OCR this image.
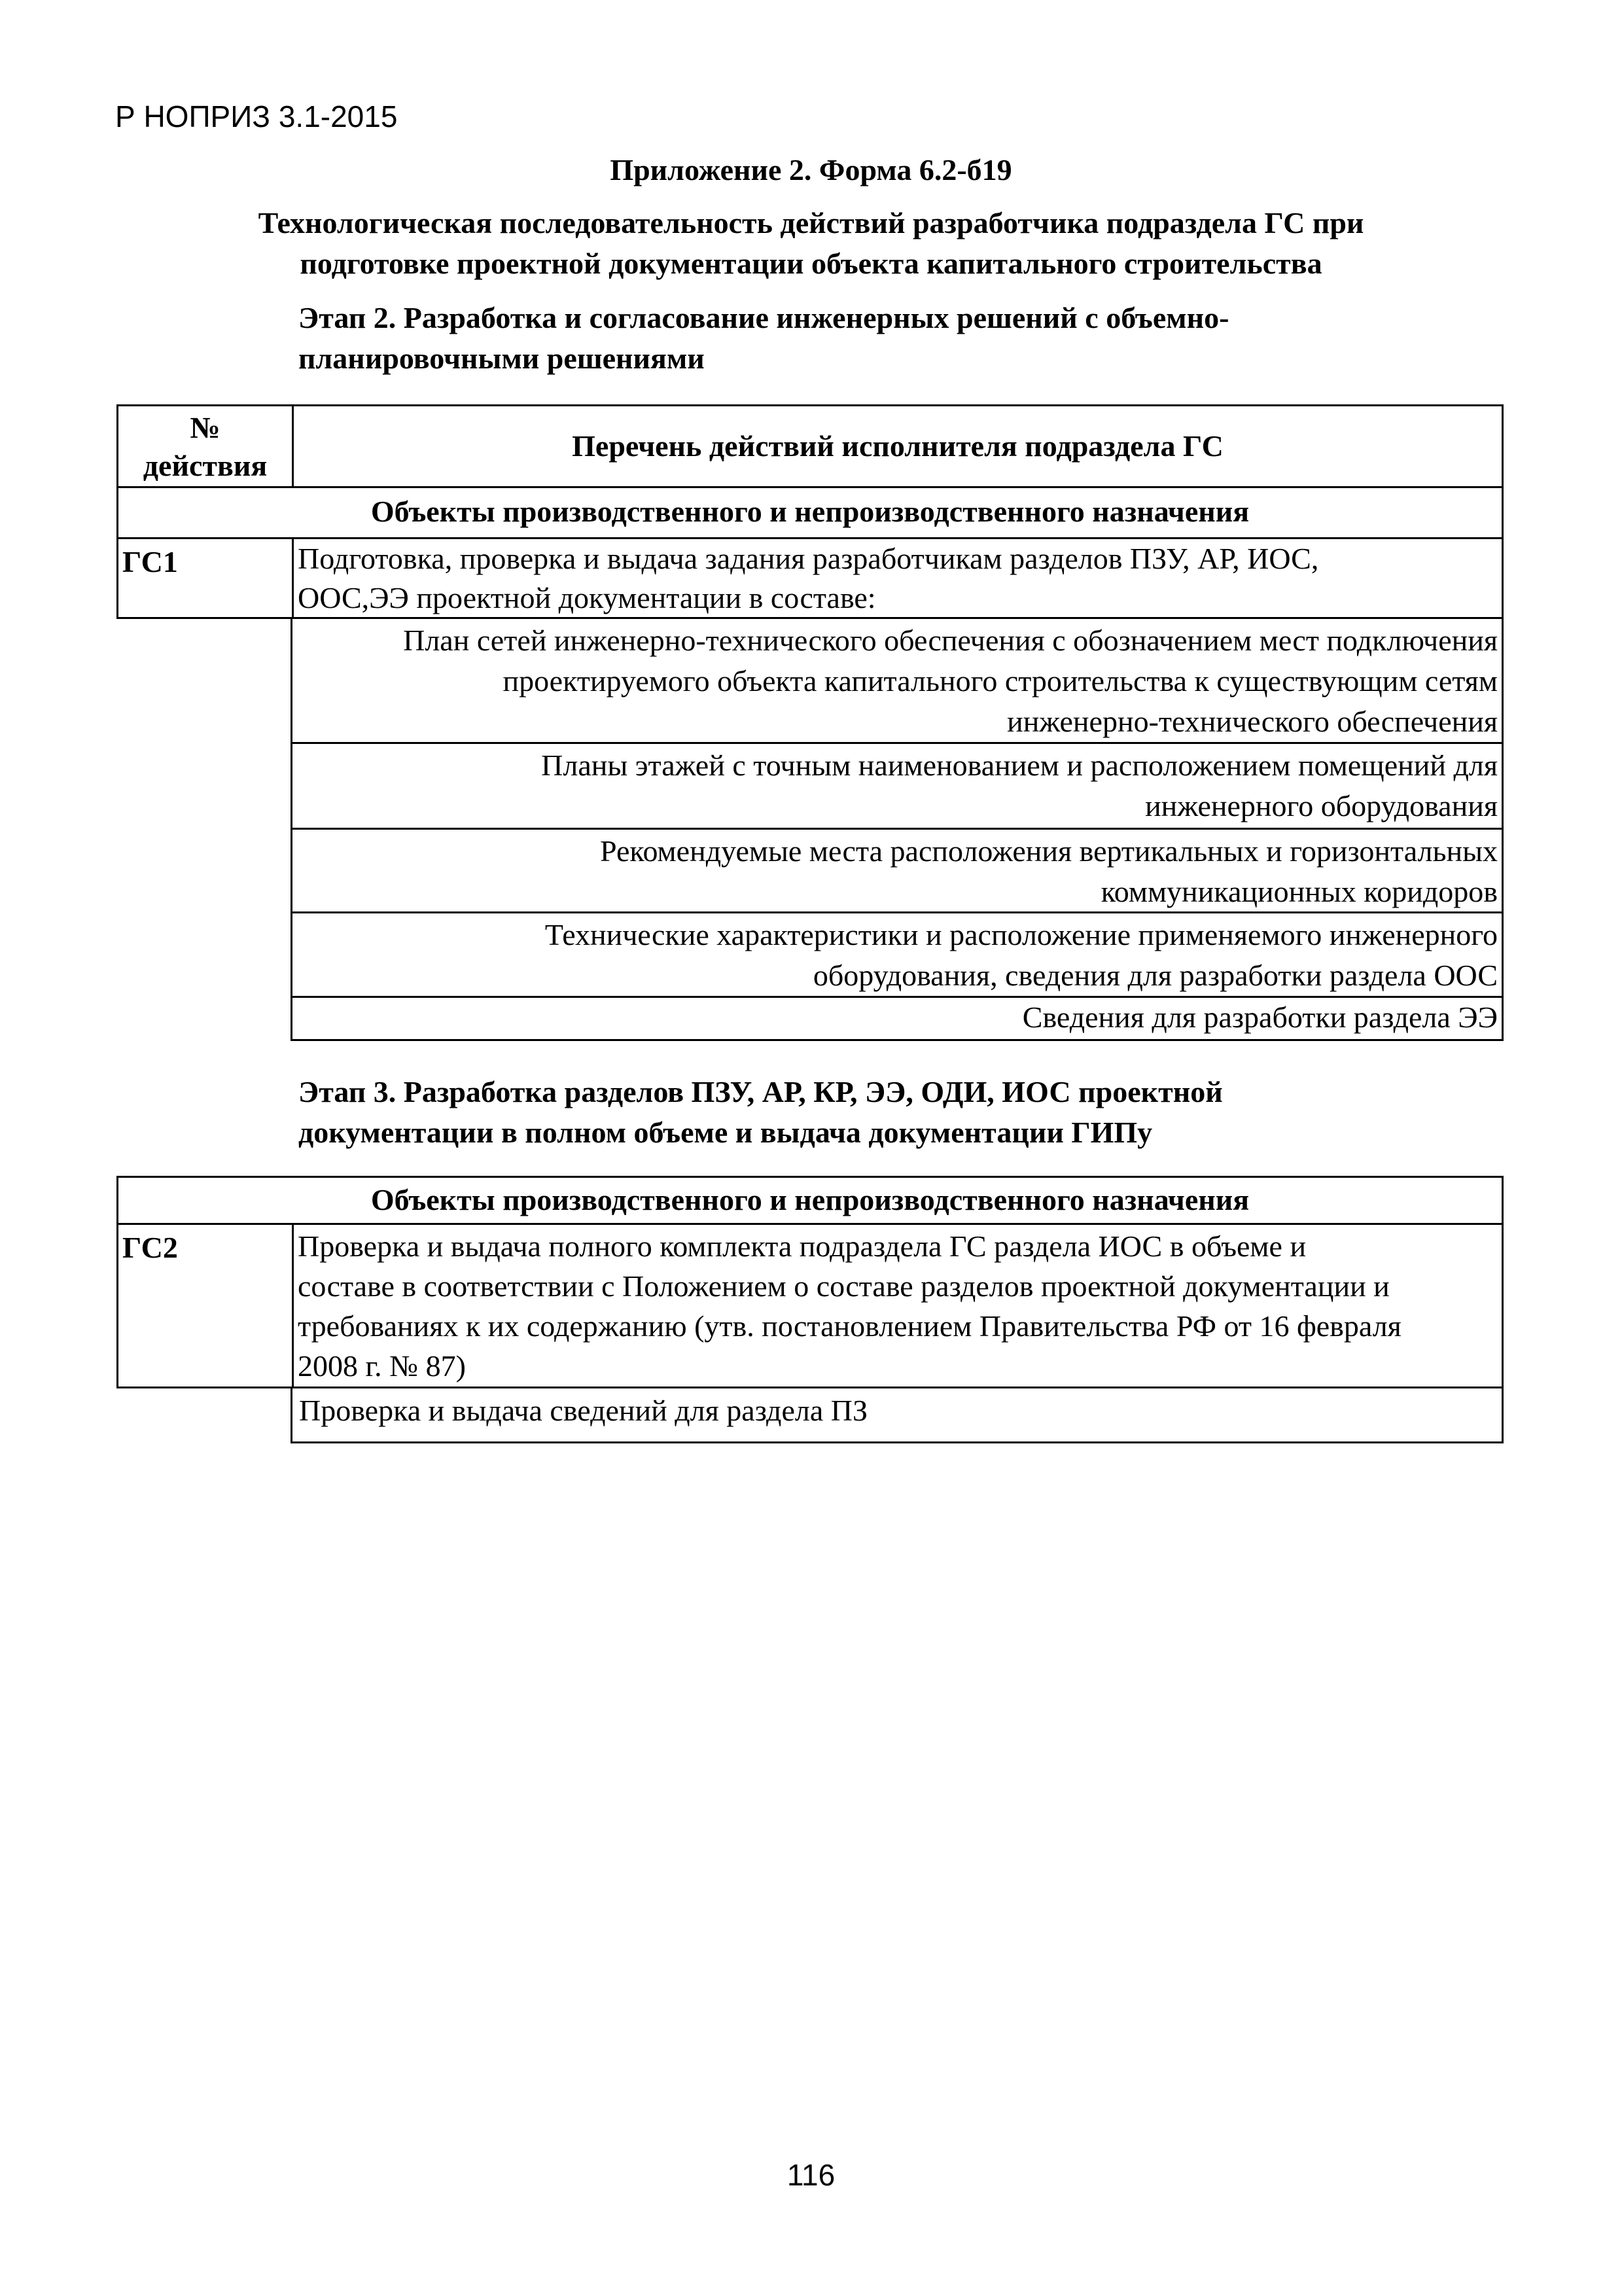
Р НОПРИЗ 3.1-2015
Приложение 2. Форма 6.2-б19
Технологическая последовательность действий разработчика подраздела ГС при
подготовке проектной документации объекта капитального строительства
Этап 2. Разработка и согласование инженерных решений с объемно-
планировочными решениями
№
действия
Перечень действий исполнителя подраздела ГС
Объекты производственного и непроизводственного назначения
ГС1	Подготовка, проверка и выдача задания разработчикам разделов ПЗУ, АР, ИОС,
ООС,ЭЭ проектной документации в составе:
План сетей инженерно-технического обеспечения с обозначением мест подключения
проектируемого объекта капитального строительства к существующим сетям
инженерно-технического обеспечения
Планы этажей с точным наименованием и расположением помещений для
инженерного оборудования
Рекомендуемые места расположения вертикальных и горизонтальных
коммуникационных коридоров
Технические характеристики и расположение применяемого инженерного
оборудования, сведения для разработки раздела ООС
Сведения для разработки раздела ЭЭ
Этап 3. Разработка разделов ПЗУ, АР, КР, ЭЭ, ОДИ, ИОС проектной
документации в полном объеме и выдача документации ГИПу
Объекты производственного и непроизводственного назначения
ГС2	Проверка и выдача полного комплекта подраздела ГС раздела ИОС в объеме и
составе в соответствии с Положением о составе разделов проектной документации и
требованиях к их содержанию (утв. постановлением Правительства РФ от 16 февраля
2008 г. № 87)
Проверка и выдача сведений для раздела ПЗ
116
